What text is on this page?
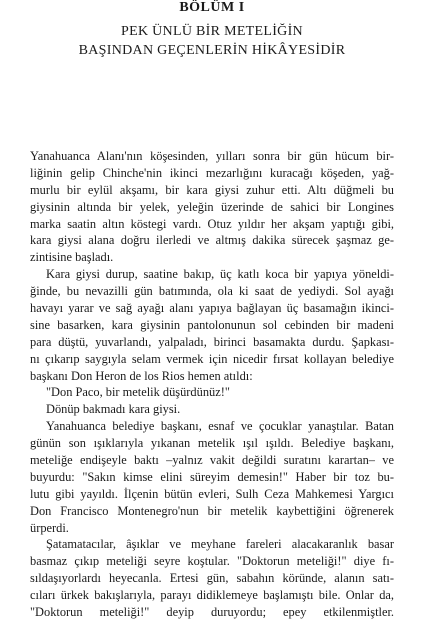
BÖLÜM I
PEK ÜNLÜ BİR METELİĞİN
BAŞINDAN GEÇENLERİN HİKÂYESİDİR
Yanahuanca Alanı'nın köşesinden, yılları sonra bir gün hücum bir-
liğinin gelip Chinche'nin ikinci mezarlığını kuracağı köşeden, yağ-
murlu bir eylül akşamı, bir kara giysi zuhur etti. Altı düğmeli bu
giysinin altında bir yelek, yeleğin üzerinde de sahici bir Longines
marka saatin altın köstegi vardı. Otuz yıldır her akşam yaptığı gibi,
kara giysi alana doğru ilerledi ve altmış dakika sürecek şaşmaz ge-
zintisine başladı.
Kara giysi durup, saatine bakıp, üç katlı koca bir yapıya yöneldi-
ğinde, bu nevazilli gün batımında, ola ki saat de yediydi. Sol ayağı
havayı yarar ve sağ ayağı alanı yapıya bağlayan üç basamağın ikinci-
sine basarken, kara giysinin pantolonunun sol cebinden bir madeni
para düştü, yuvarlandı, yalpaladı, birinci basamakta durdu. Şapkası-
nı çıkarıp saygıyla selam vermek için nicedir fırsat kollayan belediye
başkanı Don Heron de los Rios hemen atıldı:
"Don Paco, bir metelik düşürdünüz!"
Dönüp bakmadı kara giysi.
Yanahuanca belediye başkanı, esnaf ve çocuklar yanaştılar. Batan
günün son ışıklarıyla yıkanan metelik ışıl ışıldı. Belediye başkanı,
meteliğe endişeyle baktı –yalnız vakit değildi suratını karartan– ve
buyurdu: "Sakın kimse elini süreyim demesin!" Haber bir toz bu-
lutu gibi yayıldı. İlçenin bütün evleri, Sulh Ceza Mahkemesi Yargıcı
Don Francisco Montenegro'nun bir metelik kaybettiğini öğrenerek
ürperdi.
Şatamatacılar, âşıklar ve meyhane fareleri alacakaranlık basar
basmaz çıkıp meteliği seyre koştular. "Doktorun meteliği!" diye fı-
sıldaşıyorlardı heyecanla. Ertesi gün, sabahın köründe, alanın satı-
cıları ürkek bakışlarıyla, parayı didiklemeye başlamıştı bile. Onlar da,
"Doktorun meteliği!" deyip duruyordu; epey etkilenmiştler.
